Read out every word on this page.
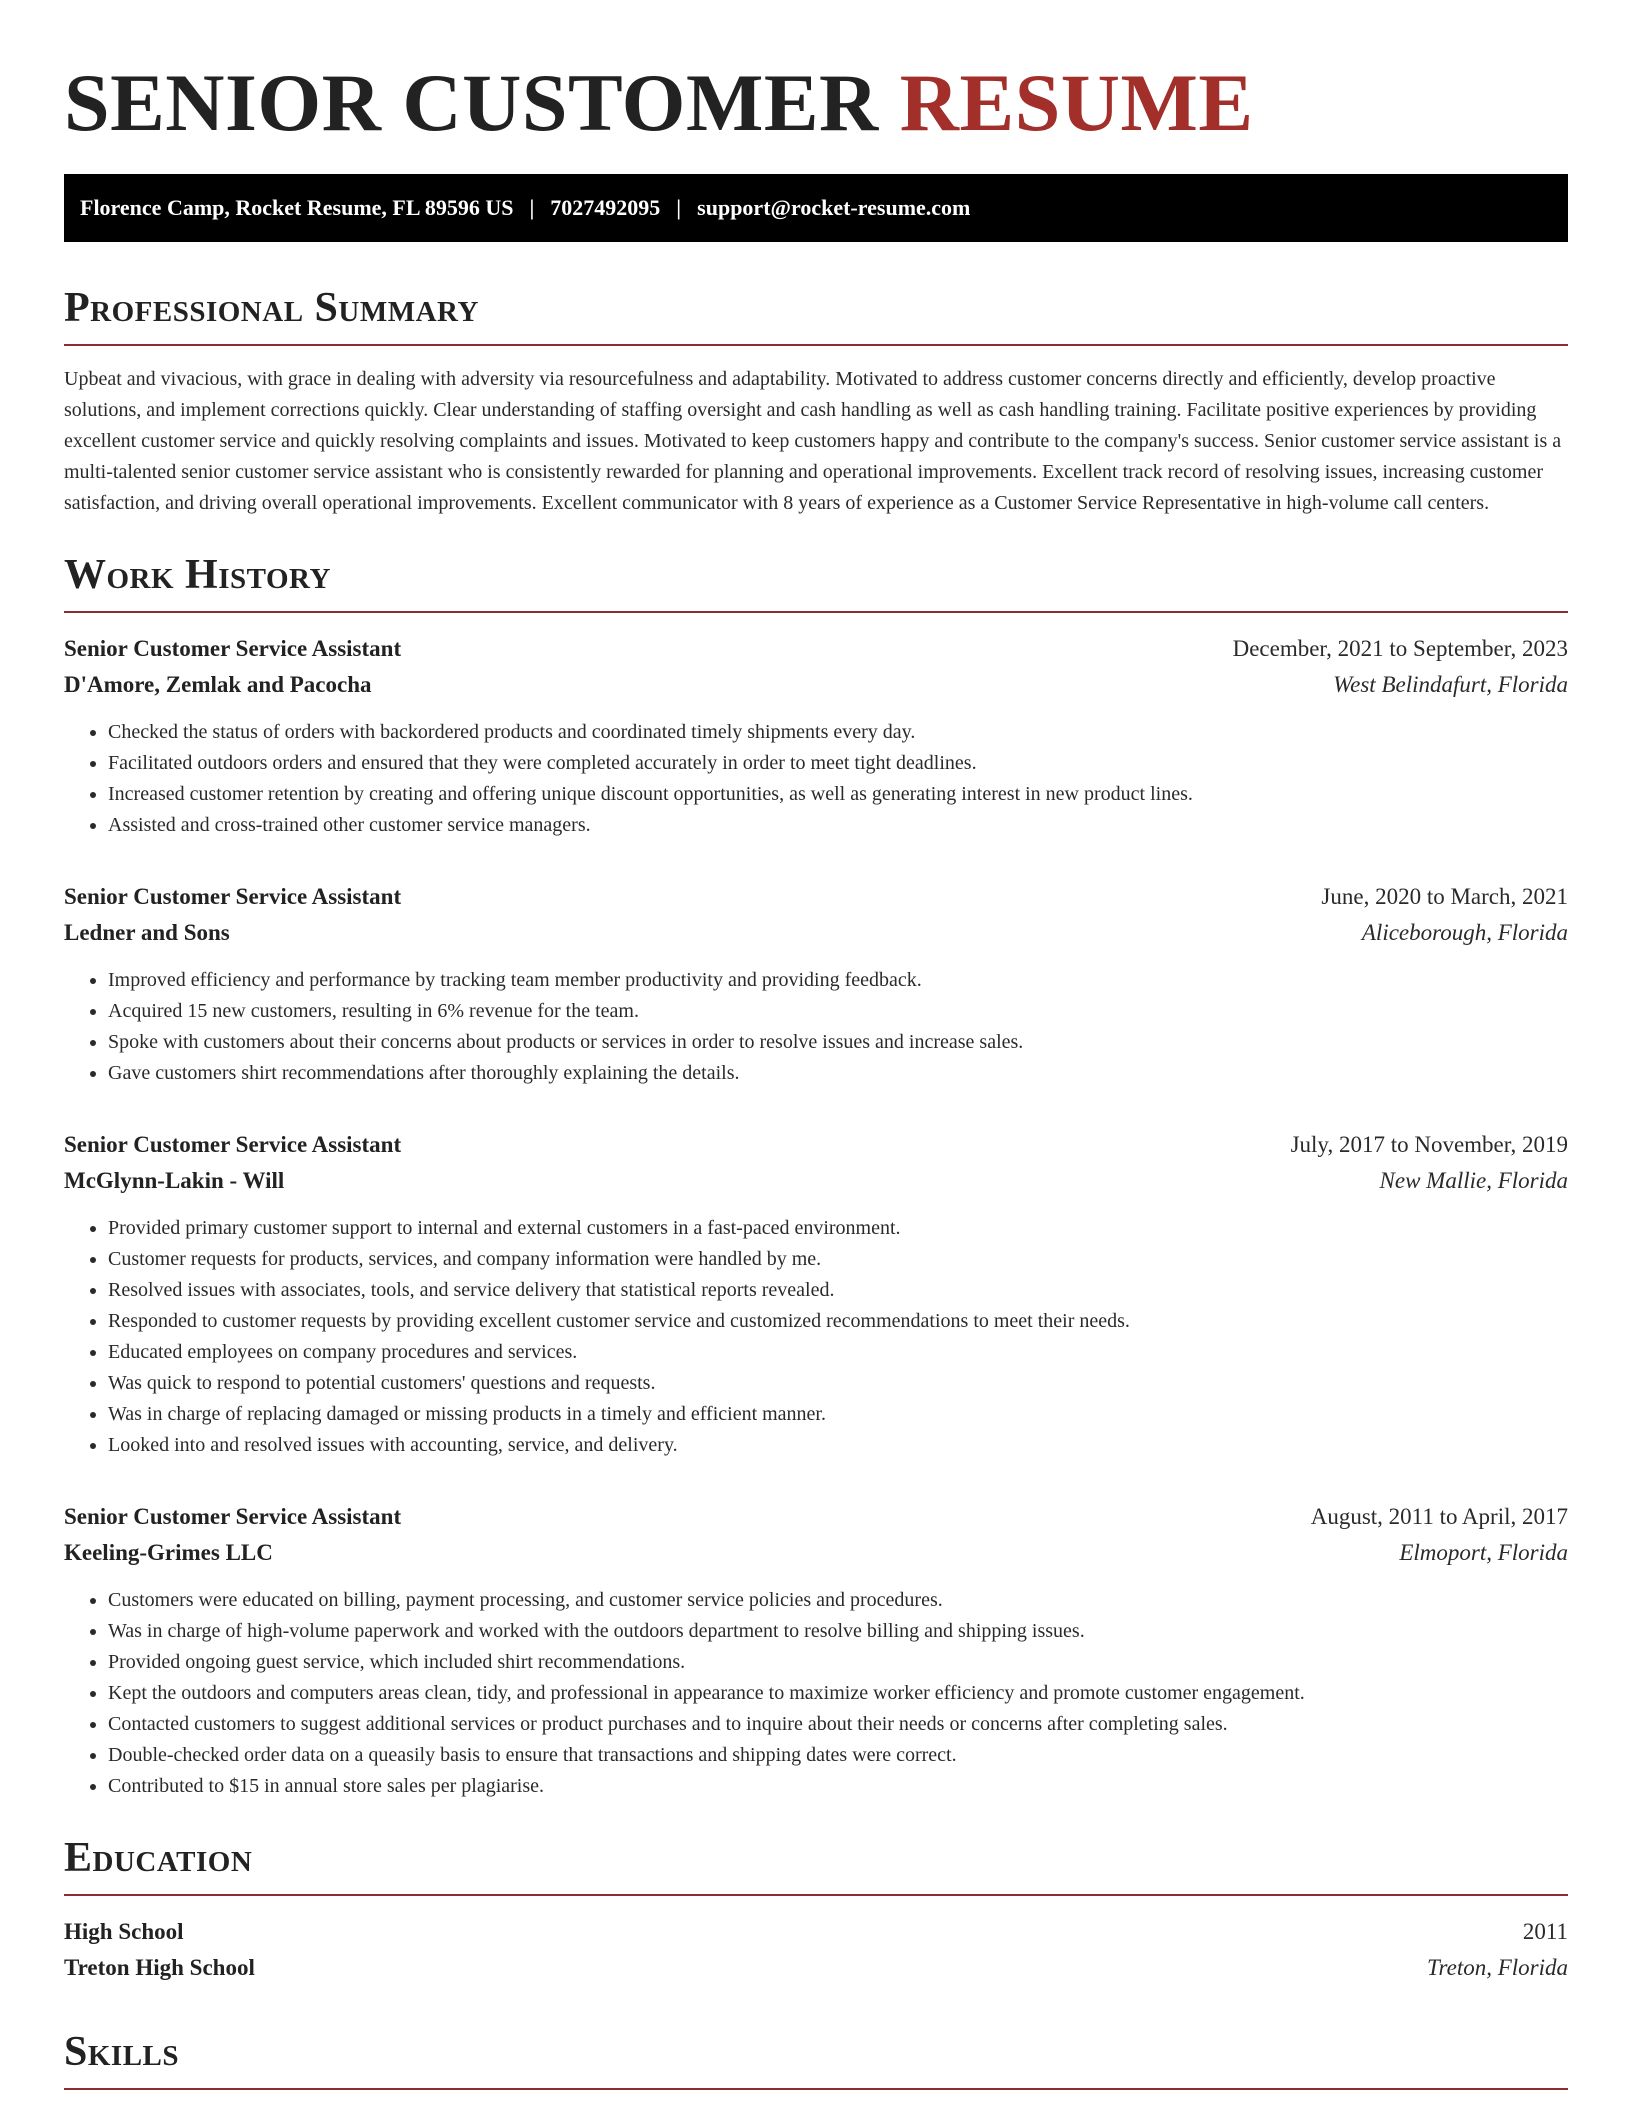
SENIOR CUSTOMER RESUME
Florence Camp, Rocket Resume, FL 89596 US | 7027492095 | support@rocket-resume.com
Professional Summary

Upbeat and vivacious, with grace in dealing with adversity via resourcefulness and adaptability. Motivated to address customer concerns directly and efficiently, develop proactive solutions, and implement corrections quickly. Clear understanding of staffing oversight and cash handling as well as cash handling training. Facilitate positive experiences by providing excellent customer service and quickly resolving complaints and issues. Motivated to keep customers happy and contribute to the company's success. Senior customer service assistant is a multi-talented senior customer service assistant who is consistently rewarded for planning and operational improvements. Excellent track record of resolving issues, increasing customer satisfaction, and driving overall operational improvements. Excellent communicator with 8 years of experience as a Customer Service Representative in high-volume call centers.

Work History
Senior Customer Service Assistant	December, 2021 to September, 2023
D'Amore, Zemlak and Pacocha	West Belindafurt, Florida
• Checked the status of orders with backordered products and coordinated timely shipments every day.
• Facilitated outdoors orders and ensured that they were completed accurately in order to meet tight deadlines.
• Increased customer retention by creating and offering unique discount opportunities, as well as generating interest in new product lines.
• Assisted and cross-trained other customer service managers.
Senior Customer Service Assistant	June, 2020 to March, 2021
Ledner and Sons	Aliceborough, Florida
• Improved efficiency and performance by tracking team member productivity and providing feedback.
• Acquired 15 new customers, resulting in 6% revenue for the team.
• Spoke with customers about their concerns about products or services in order to resolve issues and increase sales.
• Gave customers shirt recommendations after thoroughly explaining the details.
Senior Customer Service Assistant	July, 2017 to November, 2019
McGlynn-Lakin - Will	New Mallie, Florida
• Provided primary customer support to internal and external customers in a fast-paced environment.
• Customer requests for products, services, and company information were handled by me.
• Resolved issues with associates, tools, and service delivery that statistical reports revealed.
• Responded to customer requests by providing excellent customer service and customized recommendations to meet their needs.
• Educated employees on company procedures and services.
• Was quick to respond to potential customers' questions and requests.
• Was in charge of replacing damaged or missing products in a timely and efficient manner.
• Looked into and resolved issues with accounting, service, and delivery.
Senior Customer Service Assistant	August, 2011 to April, 2017
Keeling-Grimes LLC	Elmoport, Florida
• Customers were educated on billing, payment processing, and customer service policies and procedures.
• Was in charge of high-volume paperwork and worked with the outdoors department to resolve billing and shipping issues.
• Provided ongoing guest service, which included shirt recommendations.
• Kept the outdoors and computers areas clean, tidy, and professional in appearance to maximize worker efficiency and promote customer engagement.
• Contacted customers to suggest additional services or product purchases and to inquire about their needs or concerns after completing sales.
• Double-checked order data on a queasily basis to ensure that transactions and shipping dates were correct.
• Contributed to $15 in annual store sales per plagiarise.
Education
High School	2011
Treton High School	Treton, Florida
Skills
